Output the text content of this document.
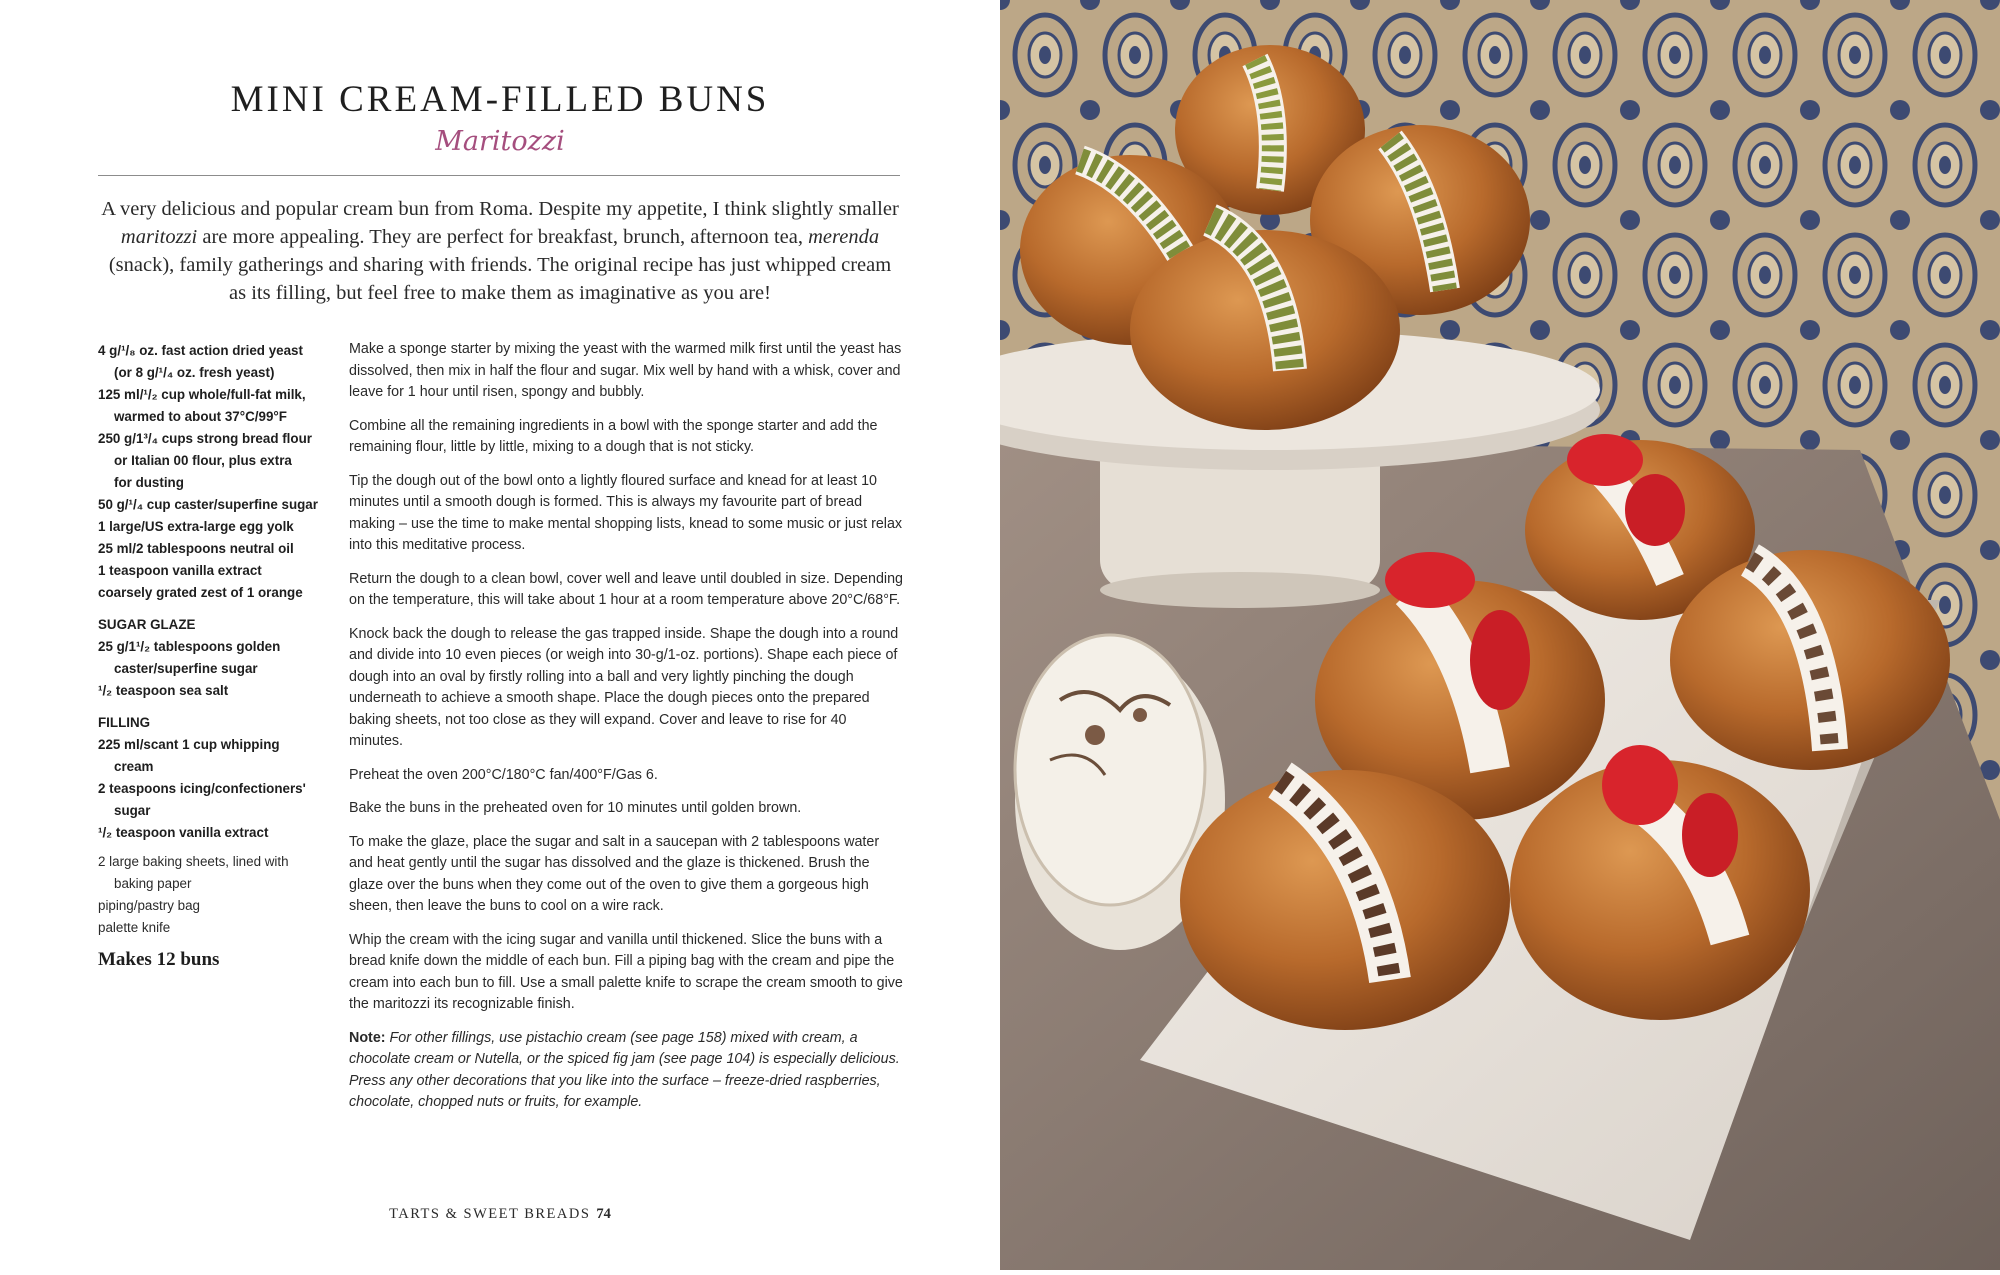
MINI CREAM-FILLED BUNS
Maritozzi
A very delicious and popular cream bun from Roma. Despite my appetite, I think slightly smaller maritozzi are more appealing. They are perfect for breakfast, brunch, afternoon tea, merenda (snack), family gatherings and sharing with friends. The original recipe has just whipped cream as its filling, but feel free to make them as imaginative as you are!
4 g/¹/₈ oz. fast action dried yeast
(or 8 g/¹/₄ oz. fresh yeast)
125 ml/¹/₂ cup whole/full-fat milk,
warmed to about 37°C/99°F
250 g/1³/₄ cups strong bread flour
or Italian 00 flour, plus extra
for dusting
50 g/¹/₄ cup caster/superfine sugar
1 large/US extra-large egg yolk
25 ml/2 tablespoons neutral oil
1 teaspoon vanilla extract
coarsely grated zest of 1 orange
SUGAR GLAZE
25 g/1¹/₂ tablespoons golden
caster/superfine sugar
¹/₂ teaspoon sea salt
FILLING
225 ml/scant 1 cup whipping
cream
2 teaspoons icing/confectioners'
sugar
¹/₂ teaspoon vanilla extract
2 large baking sheets, lined with
baking paper
piping/pastry bag
palette knife
Makes 12 buns

Make a sponge starter by mixing the yeast with the warmed milk first until the yeast has dissolved, then mix in half the flour and sugar. Mix well by hand with a whisk, cover and leave for 1 hour until risen, spongy and bubbly.

Combine all the remaining ingredients in a bowl with the sponge starter and add the remaining flour, little by little, mixing to a dough that is not sticky.

Tip the dough out of the bowl onto a lightly floured surface and knead for at least 10 minutes until a smooth dough is formed. This is always my favourite part of bread making – use the time to make mental shopping lists, knead to some music or just relax into this meditative process.

Return the dough to a clean bowl, cover well and leave until doubled in size. Depending on the temperature, this will take about 1 hour at a room temperature above 20°C/68°F.

Knock back the dough to release the gas trapped inside. Shape the dough into a round and divide into 10 even pieces (or weigh into 30-g/1-oz. portions). Shape each piece of dough into an oval by firstly rolling into a ball and very lightly pinching the dough underneath to achieve a smooth shape. Place the dough pieces onto the prepared baking sheets, not too close as they will expand. Cover and leave to rise for 40 minutes.

Preheat the oven 200°C/180°C fan/400°F/Gas 6.

Bake the buns in the preheated oven for 10 minutes until golden brown.

To make the glaze, place the sugar and salt in a saucepan with 2 tablespoons water and heat gently until the sugar has dissolved and the glaze is thickened. Brush the glaze over the buns when they come out of the oven to give them a gorgeous high sheen, then leave the buns to cool on a wire rack.

Whip the cream with the icing sugar and vanilla until thickened. Slice the buns with a bread knife down the middle of each bun. Fill a piping bag with the cream and pipe the cream into each bun to fill. Use a small palette knife to scrape the cream smooth to give the maritozzi its recognizable finish.

Note: For other fillings, use pistachio cream (see page 158) mixed with cream, a chocolate cream or Nutella, or the spiced fig jam (see page 104) is especially delicious. Press any other decorations that you like into the surface – freeze-dried raspberries, chocolate, chopped nuts or fruits, for example.

TARTS & SWEET BREADS 74
